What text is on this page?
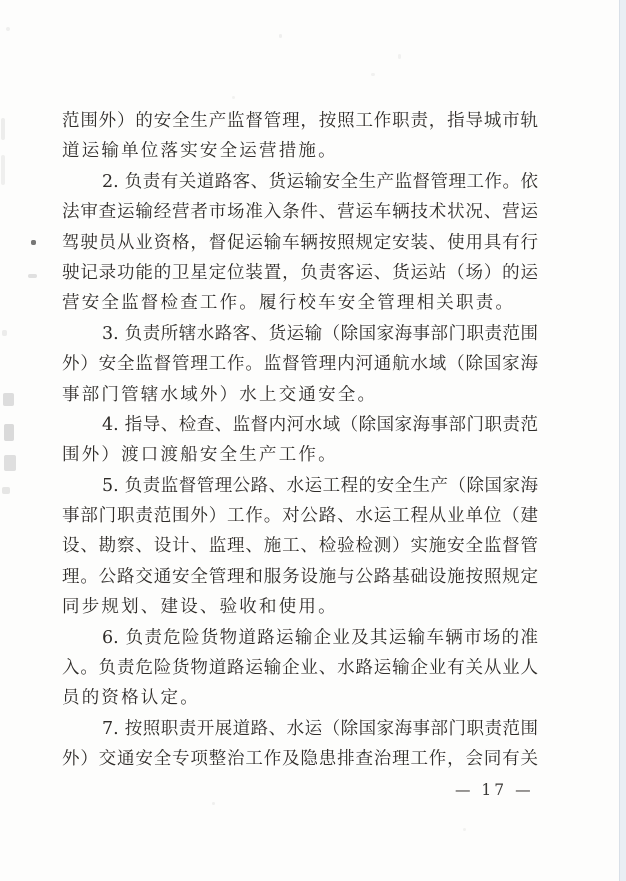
范围外）的安全生产监督管理，按照工作职责，指导城市轨
道运输单位落实安全运营措施。
2. 负责有关道路客、货运输安全生产监督管理工作。依
法审查运输经营者市场准入条件、营运车辆技术状况、营运
驾驶员从业资格，督促运输车辆按照规定安装、使用具有行
驶记录功能的卫星定位装置，负责客运、货运站（场）的运
营安全监督检查工作。履行校车安全管理相关职责。
3. 负责所辖水路客、货运输（除国家海事部门职责范围
外）安全监督管理工作。监督管理内河通航水域（除国家海
事部门管辖水域外）水上交通安全。
4. 指导、检查、监督内河水域（除国家海事部门职责范
围外）渡口渡船安全生产工作。
5. 负责监督管理公路、水运工程的安全生产（除国家海
事部门职责范围外）工作。对公路、水运工程从业单位（建
设、勘察、设计、监理、施工、检验检测）实施安全监督管
理。公路交通安全管理和服务设施与公路基础设施按照规定
同步规划、建设、验收和使用。
6. 负责危险货物道路运输企业及其运输车辆市场的准
入。负责危险货物道路运输企业、水路运输企业有关从业人
员的资格认定。
7. 按照职责开展道路、水运（除国家海事部门职责范围
外）交通安全专项整治工作及隐患排查治理工作，会同有关
— 17 —
